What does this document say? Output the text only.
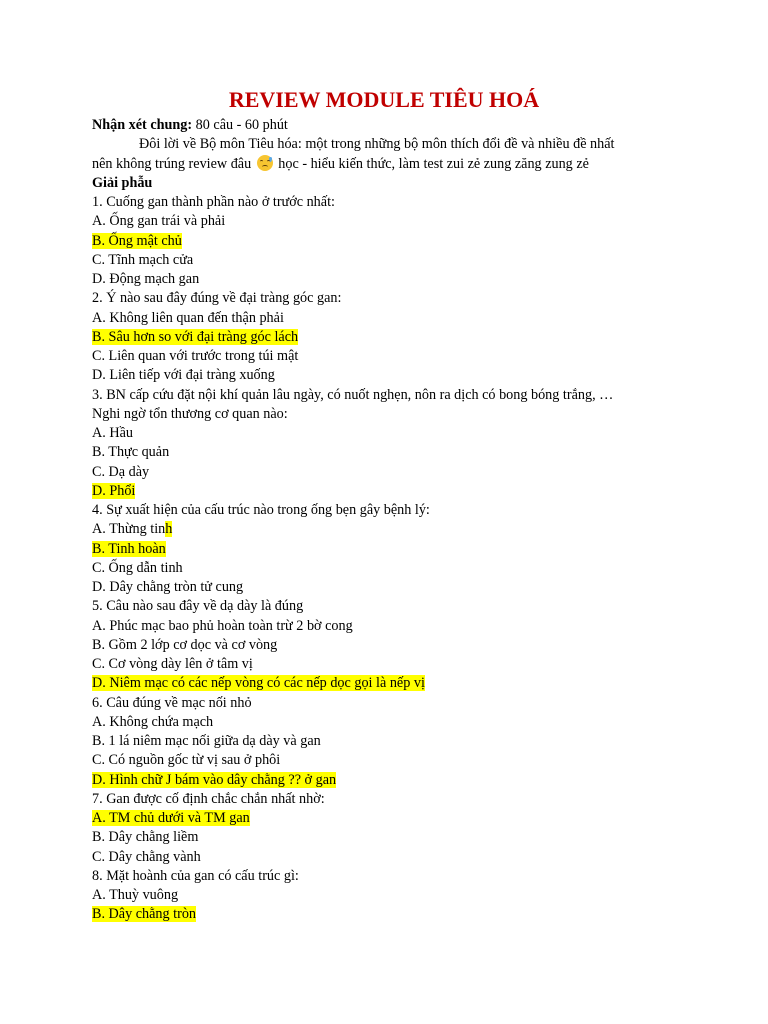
REVIEW MODULE TIÊU HOÁ
Nhận xét chung: 80 câu - 60 phút
Đôi lời về Bộ môn Tiêu hóa: một trong những bộ môn thích đổi đề và nhiều đề nhất
nên không trúng review đâu
học - hiểu kiến thức, làm test zui zẻ zung zăng zung zẻ
Giải phẫu
1. Cuống gan thành phần nào ở trước nhất:
A. Ống gan trái và phải
B. Ống mật chủ
C. Tĩnh mạch cửa
D. Động mạch gan
2. Ý nào sau đây đúng về đại tràng góc gan:
A. Không liên quan đến thận phải
B. Sâu hơn so với đại tràng góc lách
C. Liên quan với trước trong túi mật
D. Liên tiếp với đại tràng xuống
3. BN cấp cứu đặt nội khí quản lâu ngày, có nuốt nghẹn, nôn ra dịch có bong bóng trắng, …
Nghi ngờ tổn thương cơ quan nào:
A. Hầu
B. Thực quản
C. Dạ dày
D. Phổi
4. Sự xuất hiện của cấu trúc nào trong ống bẹn gây bệnh lý:
A. Thừng tinh
B. Tinh hoàn
C. Ống dẫn tinh
D. Dây chằng tròn tử cung
5. Câu nào sau đây về dạ dày là đúng
A. Phúc mạc bao phủ hoàn toàn trừ 2 bờ cong
B. Gồm 2 lớp cơ dọc và cơ vòng
C. Cơ vòng dày lên ở tâm vị
D. Niêm mạc có các nếp vòng có các nếp dọc gọi là nếp vị
6. Câu đúng về mạc nối nhỏ
A. Không chứa mạch
B. 1 lá niêm mạc nối giữa dạ dày và gan
C. Có nguồn gốc từ vị sau ở phôi
D. Hình chữ J bám vào dây chằng ?? ở gan
7. Gan được cố định chắc chắn nhất nhờ:
A. TM chủ dưới và TM gan
B. Dây chằng liềm
C. Dây chằng vành
8. Mặt hoành của gan có cấu trúc gì:
A. Thuỳ vuông
B. Dây chằng tròn
